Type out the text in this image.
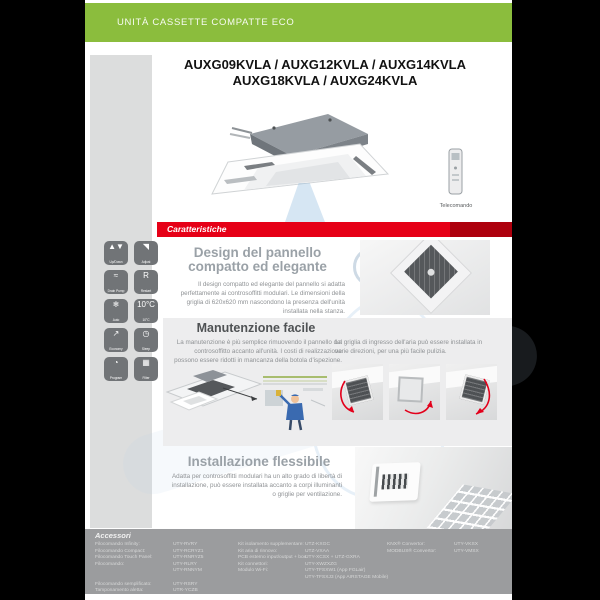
UNITÀ CASSETTE COMPATTE ECO
AUXG09KVLA / AUXG12KVLA / AUXG14KVLA
AUXG18KVLA / AUXG24KVLA
Telecomando
Caratteristiche
▲▼
Up/Down
◥
Adjust
≈
Drain Pump
R
Restart
❄
Auto
10°C
10°C
↗
Economy
◷
Sleep
◔
Program
▦
Filter
Design del pannello
compatto ed elegante
Il design compatto ed elegante del pannello si adatta perfettamente ai controsoffitti modulari. Le dimensioni della griglia di 620x620 mm nascondono la presenza dell'unità installata nella stanza.
Manutenzione facile
La manutenzione è più semplice rimuovendo il pannello del controsoffitto accanto all'unità. I costi di realizzazione possono essere ridotti in mancanza della botola d'ispezione.
La griglia di ingresso dell'aria può essere installata in varie direzioni, per una più facile pulizia.
Installazione flessibile
Adatta per controsoffitti modulari ha un alto grado di libertà di installazione, può essere installata accanto a corpi illuminanti o griglie per ventilazione.
Accessori
Filocomando Infinity:
Filocomando Compact:
Filocomando Touch Panel:
Filocomando:
Filocomando semplificato:
Tamponamento aletta:
UTY-RVRY
UTY-RCRYZ1
UTY-RNRYZ5
UTY-RLRY
UTY-RNNYM
UTY-RSRY
UTR-YCZB
Kit isolamento supplementare:
Kit aria di rinnovo:
PCB esterno input/output + box:
Kit connettori:
Modulo Wi-Fi:
UTZ-KXGC
UTZ-VXAA
UTY-XCSX + UTZ-GXRA
UTY-XWZXZG
UTY-TFSXW1 (App FGLair)
UTY-TFSXJ3 (App AIRSTAGE Mobile)
KNX® Convertor:
MODBUS® Convertor:
UTY-VKSX
UTY-VMSX
